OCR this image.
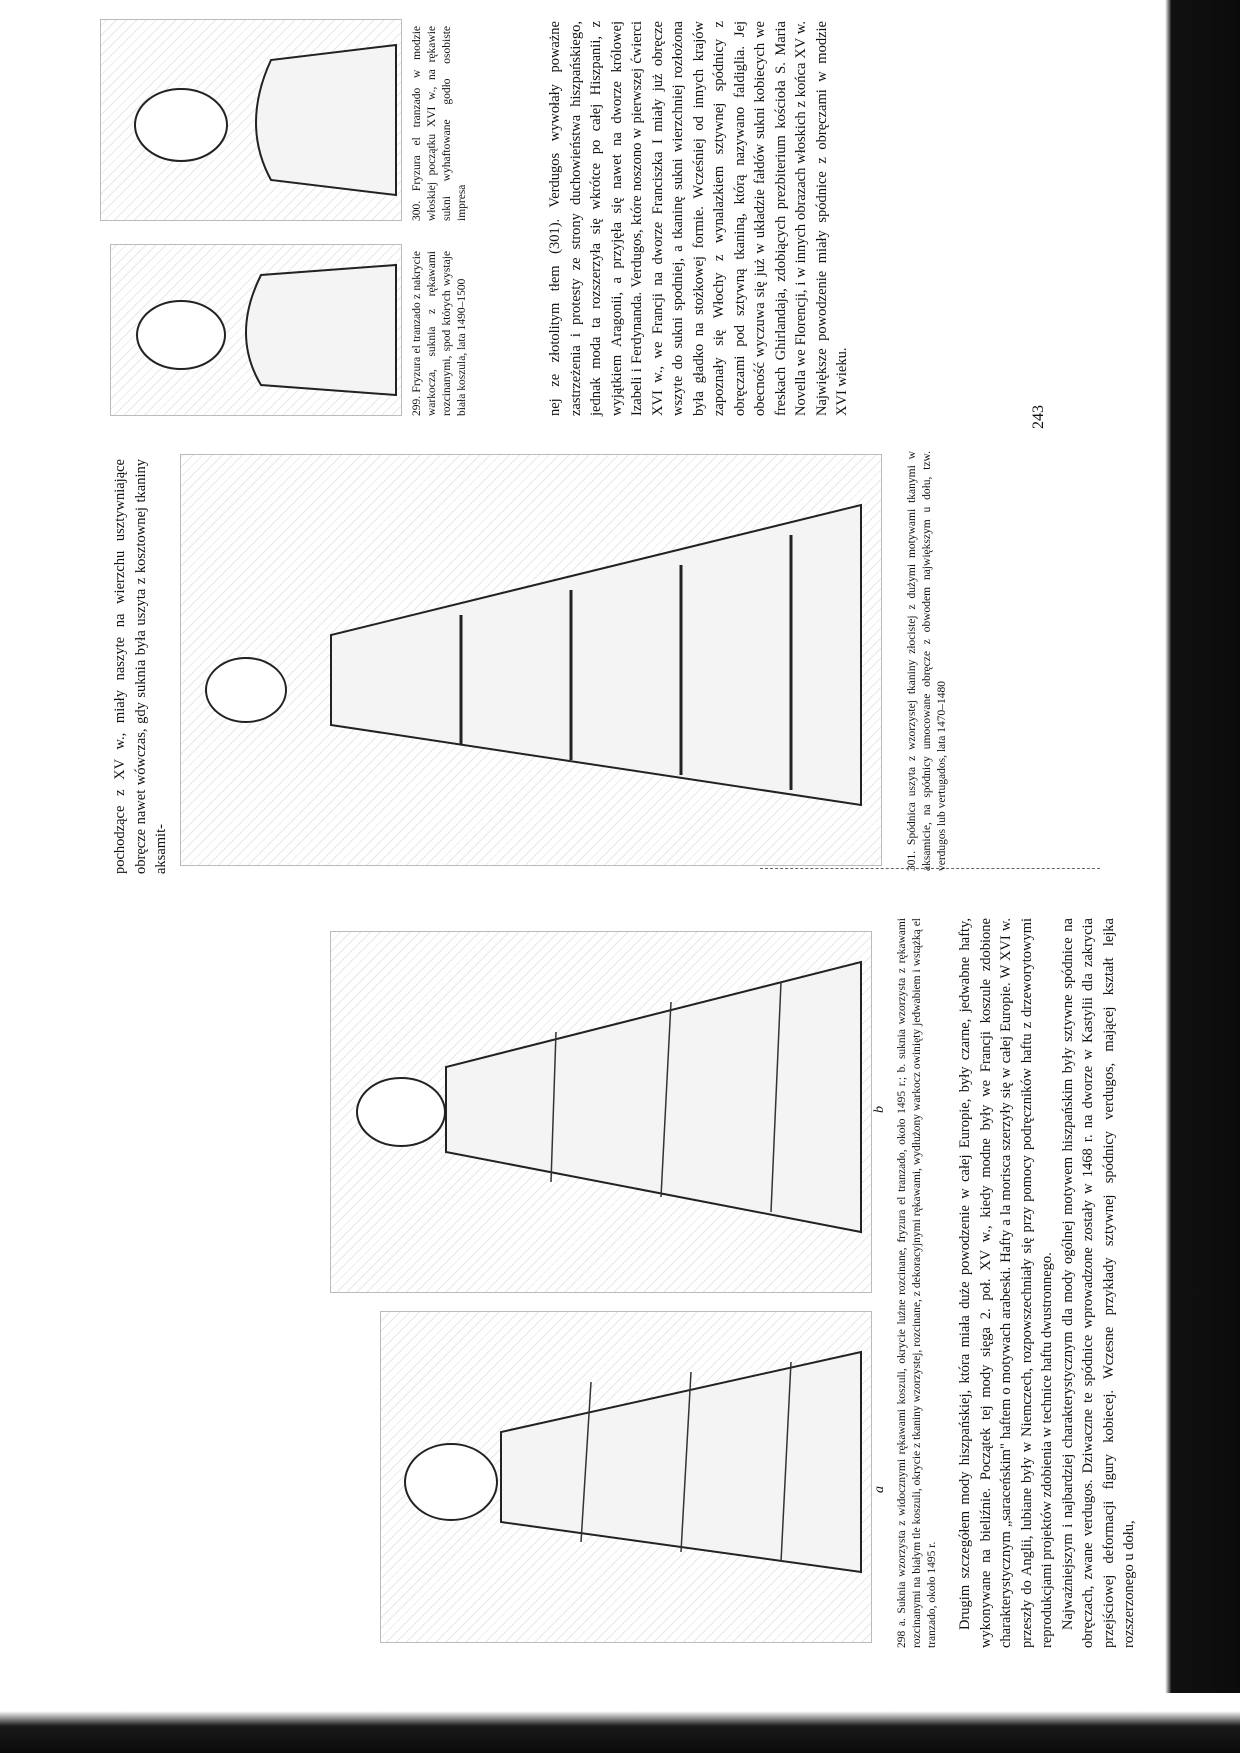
a
b 298 a. Suknia wzorzysta z widocznymi rękawami koszuli, okrycie lużne rozcinane, fryzura el tranzado, około 1495 r.; b. suknia wzorzysta z rękawami rozcinanymi na białym tle koszuli, okrycie z tkaniny wzorzystej, rozcinane, z dekoracyjnymi rękawami, wydłużony warkocz owinięty jedwabiem i wstążką el tranzado, około 1495 r. Drugim szczegółem mody hiszpańskiej, która miała duże powodzenie w całej Europie, były czarne, jedwabne hafty, wykonywane na bieliźnie. Początek tej mody sięga 2. poł. XV w., kiedy modne były we Francji koszule zdobione charakterystycznym „saraceńskim" haftem o motywach arabeski. Hafty a la morisca szerzyły się w całej Europie. W XVI w. przeszły do Anglii, lubiane były w Niemczech, rozpowszechniały się przy pomocy podręczników haftu z drzeworytowymi reprodukcjami projektów zdobienia w technice haftu dwustronnego. Najważniejszym i najbardziej charakterystycznym dla mody ogólnej motywem hiszpańskim były sztywne spódnice na obręczach, zwane verdugos. Dziwaczne te spódnice wprowadzone zostały w 1468 r. na dworze w Kastylii dla zakrycia przejściowej deformacji figury kobiecej. Wczesne przykłady sztywnej spódnicy verdugos, mającej kształt lejka rozszerzonego u dołu,

242
pochodzące z XV w., miały naszyte na wierzchu usztywniające obręcze nawet wówczas, gdy suknia była uszyta z kosztownej tkaniny aksamit-	301. Spódnica uszyta z wzorzystej tkaniny złocistej z dużymi motywami tkanymi w aksamicie, na spódnicy umocowane obręcze z obwodem największym u dołu, tzw. verdugos lub vertugados, lata 1470–1480
243
299. Fryzura el tranzado z nakrycie warkocza, suknia z rękawami rozcinanymi, spod których wystaje biała koszula, lata 1490–1500
300. Fryzura el tranzado w modzie włoskiej początku XVI w., na rękawie sukni wyhaftowane godło osobiste impresa	nej ze złotolitym tłem (301). Verdugos wywołały poważne zastrzeżenia i protesty ze strony duchowieństwa hiszpańskiego, jednak moda ta rozszerzyła się wkrótce po całej Hiszpanii, z wyjątkiem Aragonii, a przyjęła się nawet na dworze królowej Izabeli i Ferdynanda. Verdugos, które noszono w pierwszej ćwierci XVI w., we Francji na dworze Franciszka I miały już obręcze wszyte do sukni spodniej, a tkaninę sukni wierzchniej rozłożona była gładko na stożkowej formie. Wcześniej od innych krajów zapoznały się Włochy z wynalazkiem sztywnej spódnicy z obręczami pod sztywną tkaniną, którą nazywano faldiglia. Jej obecność wyczuwa się już w układzie fałdów sukni kobiecych we freskach Ghirlandaja, zdobiących prezbiterium kościoła S. Maria Novella we Florencji, i w innych obrazach włoskich z końca XV w. Największe powodzenie miały spódnice z obręczami w modzie XVI wieku.
